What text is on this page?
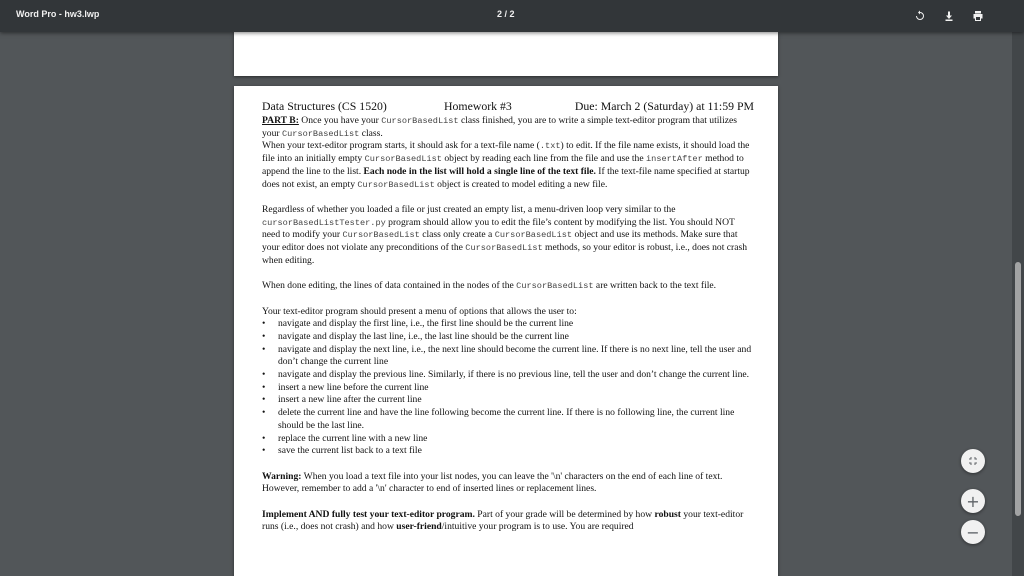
Word Pro - hw3.lwp	2 / 2
Data Structures (CS 1520)	Homework #3	Due: March 2 (Saturday) at 11:59 PM

PART B: Once you have your CursorBasedList class finished, you are to write a simple text-editor program that utilizes your CursorBasedList class.

When your text-editor program starts, it should ask for a text-file name (.txt) to edit. If the file name exists, it should load the file into an initially empty CursorBasedList object by reading each line from the file and use the insertAfter method to append the line to the list. Each node in the list will hold a single line of the text file. If the text-file name specified at startup does not exist, an empty CursorBasedList object is created to model editing a new file.

Regardless of whether you loaded a file or just created an empty list, a menu-driven loop very similar to the cursorBasedListTester.py program should allow you to edit the file’s content by modifying the list. You should NOT need to modify your CursorBasedList class only create a CursorBasedList object and use its methods. Make sure that your editor does not violate any preconditions of the CursorBasedList methods, so your editor is robust, i.e., does not crash when editing.

When done editing, the lines of data contained in the nodes of the CursorBasedList are written back to the text file.

Your text-editor program should present a menu of options that allows the user to:

• navigate and display the first line, i.e., the first line should be the current line
• navigate and display the last line, i.e., the last line should be the current line
• navigate and display the next line, i.e., the next line should become the current line. If there is no next line, tell the user and don’t change the current line
• navigate and display the previous line. Similarly, if there is no previous line, tell the user and don’t change the current line.
• insert a new line before the current line
• insert a new line after the current line
• delete the current line and have the line following become the current line. If there is no following line, the current line should be the last line.
• replace the current line with a new line
• save the current list back to a text file

Warning: When you load a text file into your list nodes, you can leave the '\n' characters on the end of each line of text. However, remember to add a '\n' character to end of inserted lines or replacement lines.

Implement AND fully test your text-editor program. Part of your grade will be determined by how robust your text-editor runs (i.e., does not crash) and how user-friend/intuitive your program is to use. You are required

+
−
